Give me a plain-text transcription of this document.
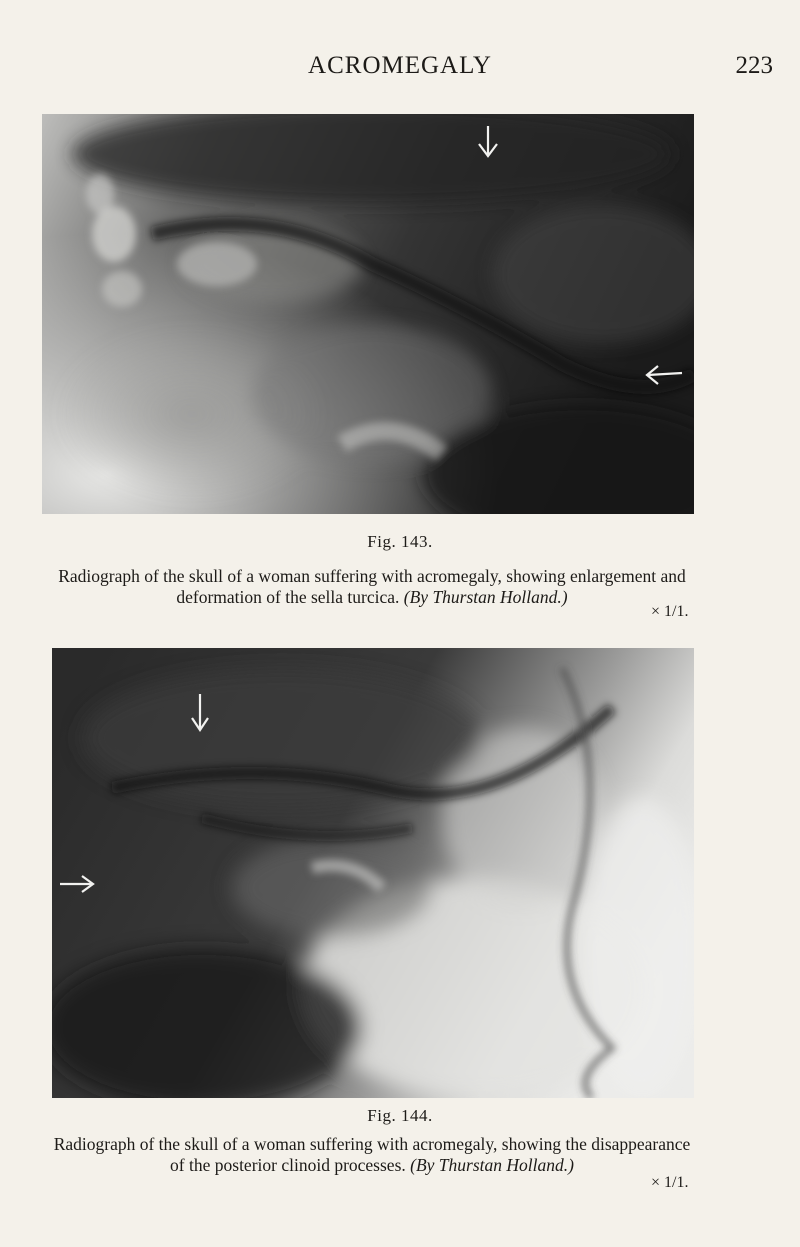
ACROMEGALY	223
Fig. 143.
Radiograph of the skull of a woman suffering with acromegaly, showing enlargement and deformation of the sella turcica. (By Thurstan Holland.)
× 1/1.
Fig. 144.
Radiograph of the skull of a woman suffering with acromegaly, showing the disappearance of the posterior clinoid processes. (By Thurstan Holland.)
× 1/1.
